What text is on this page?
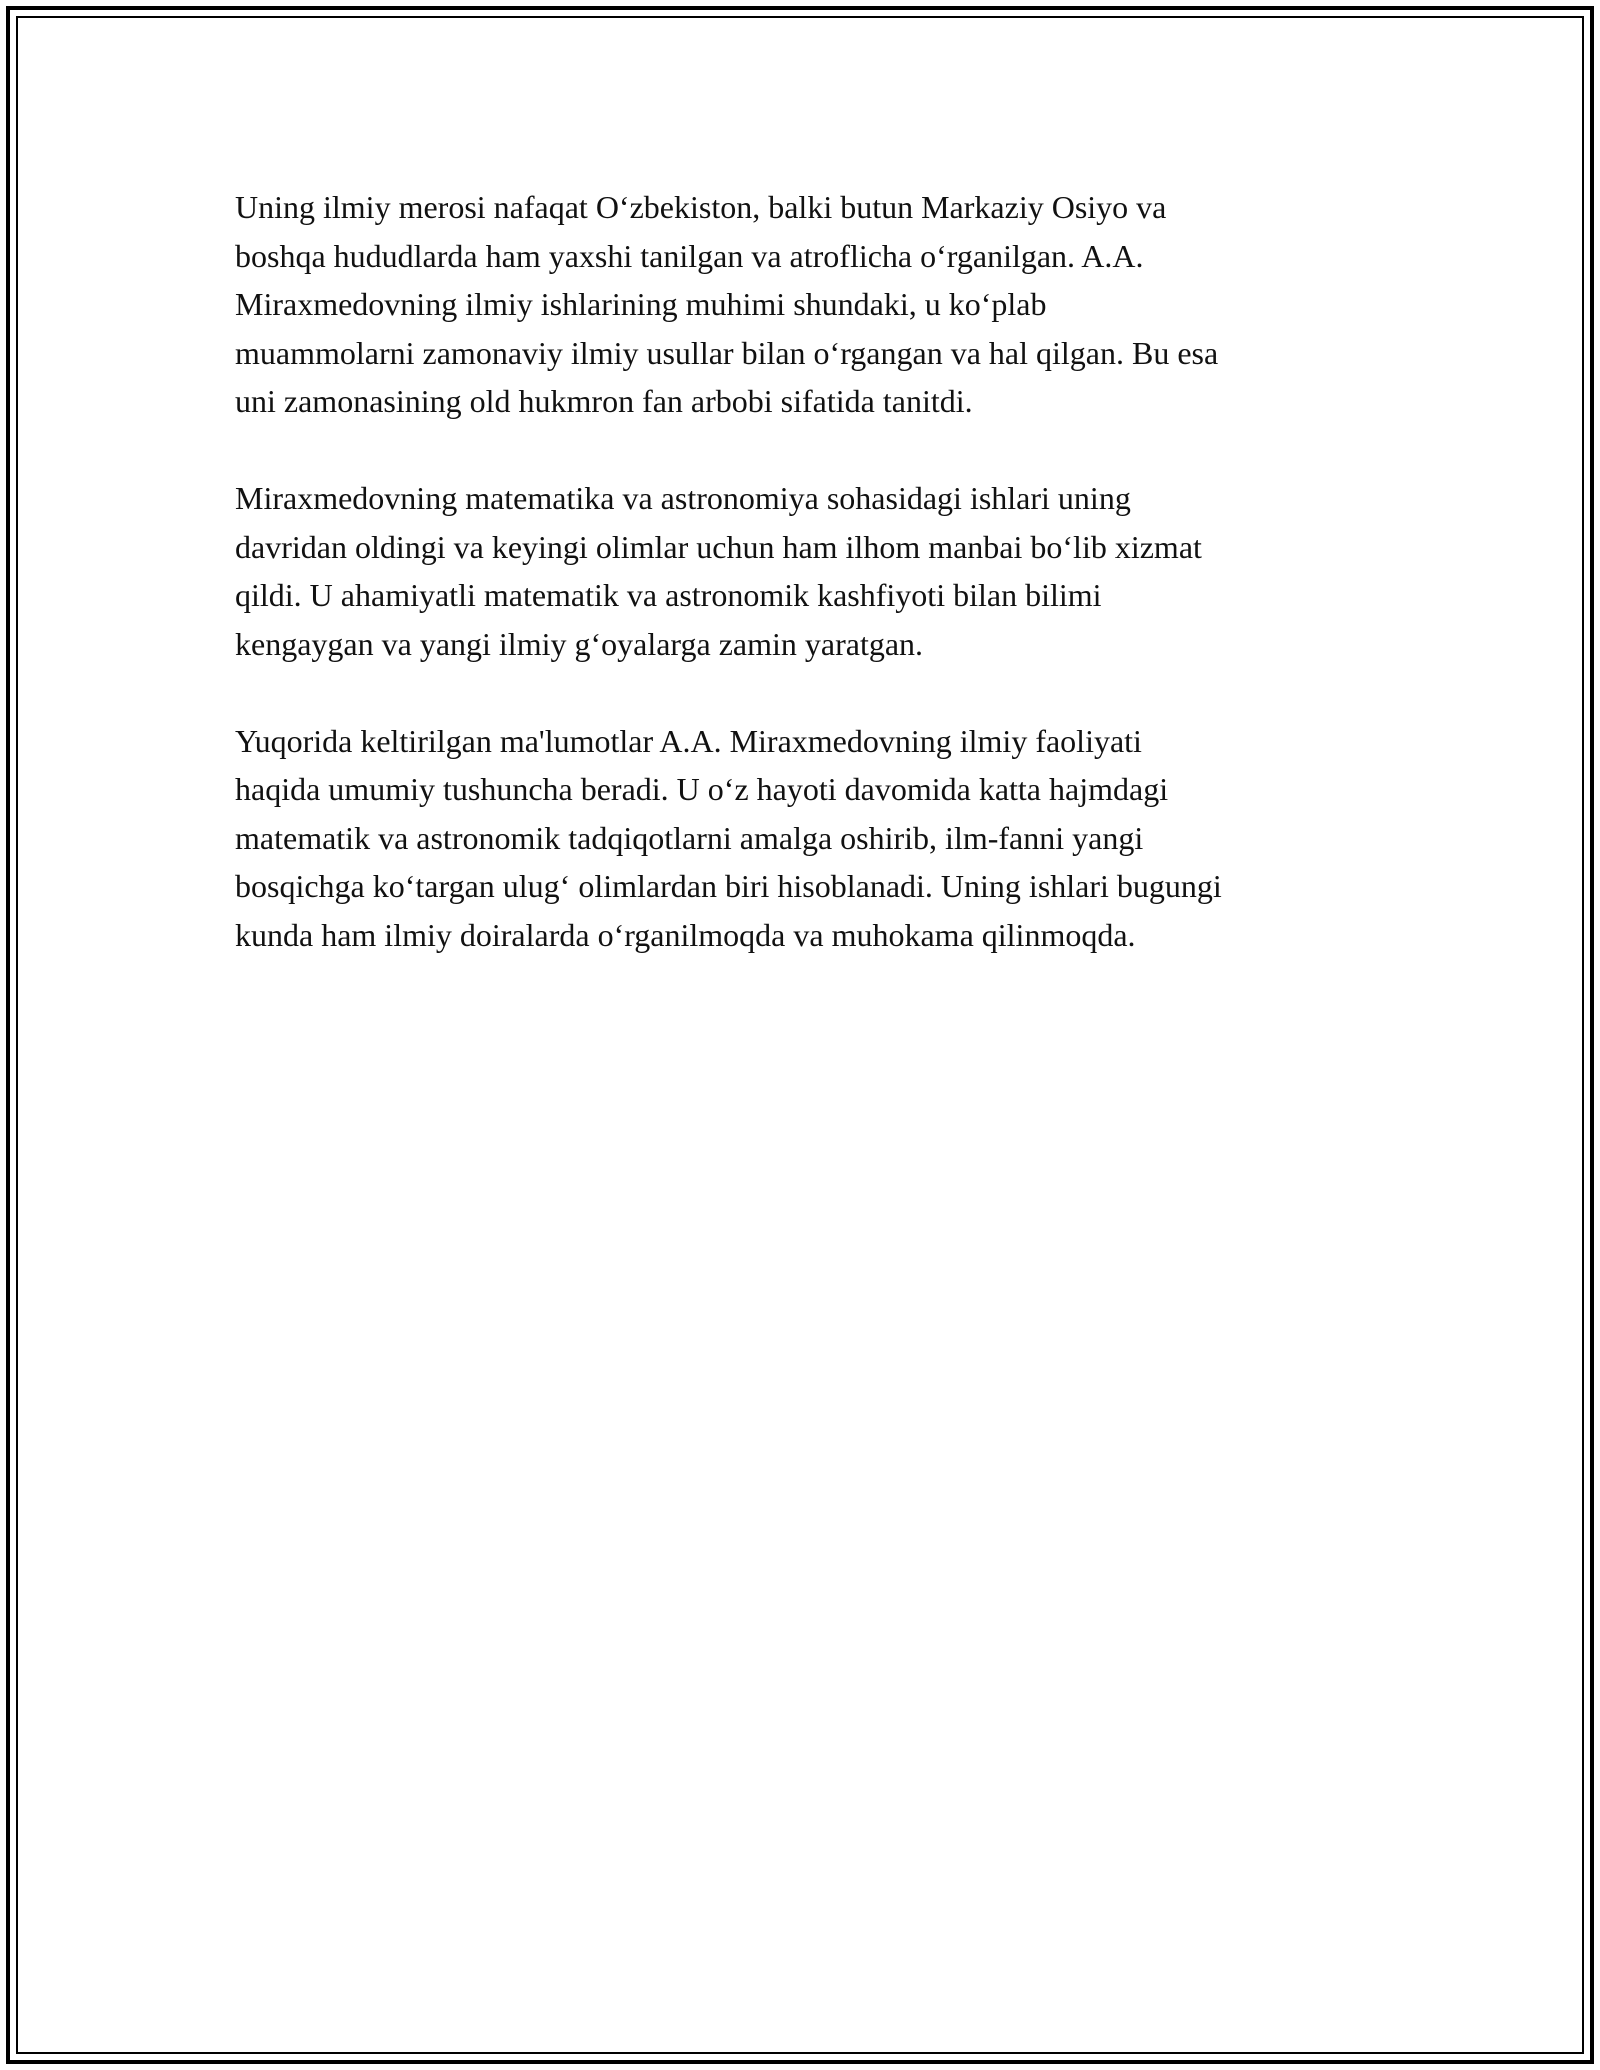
Uning ilmiy merosi nafaqat O‘zbekiston, balki butun Markaziy Osiyo va
boshqa hududlarda ham yaxshi tanilgan va atroflicha o‘rganilgan. A.A.
Miraxmedovning ilmiy ishlarining muhimi shundaki, u ko‘plab
muammolarni zamonaviy ilmiy usullar bilan o‘rgangan va hal qilgan. Bu esa
uni zamonasining old hukmron fan arbobi sifatida tanitdi.

Miraxmedovning matematika va astronomiya sohasidagi ishlari uning
davridan oldingi va keyingi olimlar uchun ham ilhom manbai bo‘lib xizmat
qildi. U ahamiyatli matematik va astronomik kashfiyoti bilan bilimi
kengaygan va yangi ilmiy g‘oyalarga zamin yaratgan.

Yuqorida keltirilgan ma'lumotlar A.A. Miraxmedovning ilmiy faoliyati
haqida umumiy tushuncha beradi. U o‘z hayoti davomida katta hajmdagi
matematik va astronomik tadqiqotlarni amalga oshirib, ilm-fanni yangi
bosqichga ko‘targan ulug‘ olimlardan biri hisoblanadi. Uning ishlari bugungi
kunda ham ilmiy doiralarda o‘rganilmoqda va muhokama qilinmoqda.
